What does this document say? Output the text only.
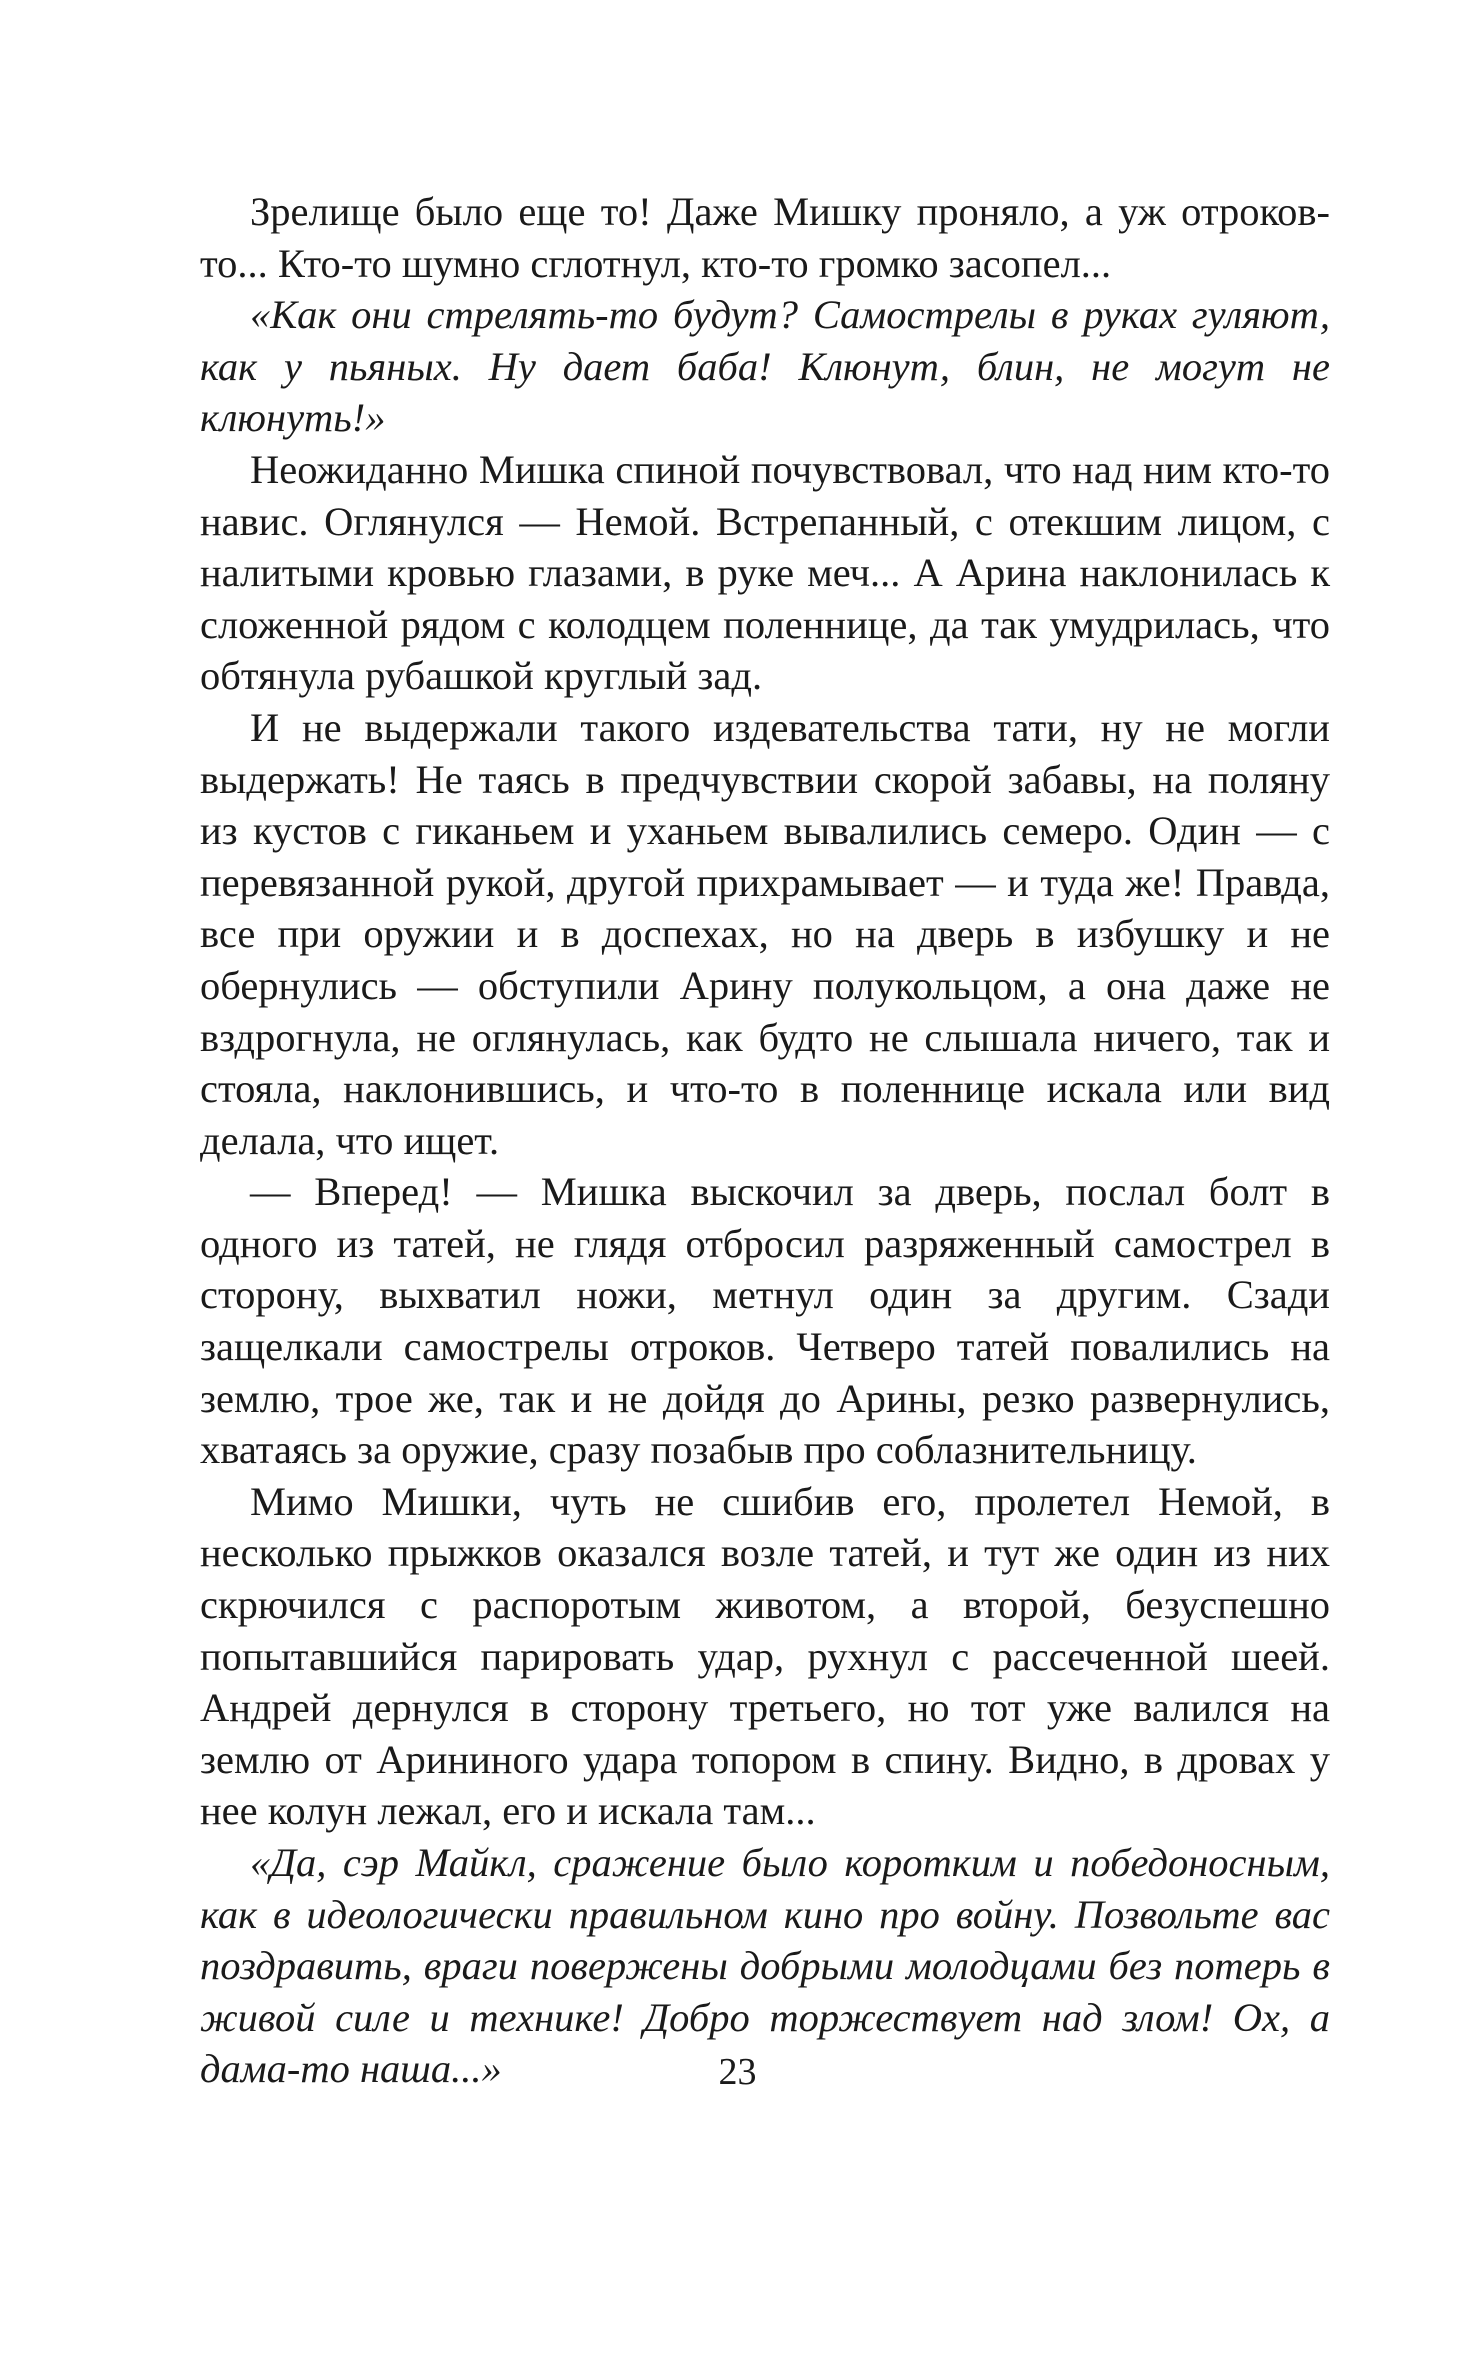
Зрелище было еще то! Даже Мишку проняло, а уж отроков-то... Кто-то шумно сглотнул, кто-то громко засопел...

«Как они стрелять-то будут? Самострелы в руках гуляют, как у пьяных. Ну дает баба! Клюнут, блин, не могут не клюнуть!»

Неожиданно Мишка спиной почувствовал, что над ним кто-то навис. Оглянулся — Немой. Встрепанный, с отекшим лицом, с налитыми кровью глазами, в руке меч... А Арина наклонилась к сложенной рядом с колодцем поленнице, да так умудрилась, что обтянула рубашкой круглый зад.

И не выдержали такого издевательства тати, ну не могли выдержать! Не таясь в предчувствии скорой забавы, на поляну из кустов с гиканьем и уханьем вывалились семеро. Один — с перевязанной рукой, другой прихрамывает — и туда же! Правда, все при оружии и в доспехах, но на дверь в избушку и не обернулись — обступили Арину полукольцом, а она даже не вздрогнула, не оглянулась, как будто не слышала ничего, так и стояла, наклонившись, и что-то в поленнице искала или вид делала, что ищет.

— Вперед! — Мишка выскочил за дверь, послал болт в одного из татей, не глядя отбросил разряженный самострел в сторону, выхватил ножи, метнул один за другим. Сзади защелкали самострелы отроков. Четверо татей повалились на землю, трое же, так и не дойдя до Арины, резко развернулись, хватаясь за оружие, сразу позабыв про соблазнительницу.

Мимо Мишки, чуть не сшибив его, пролетел Немой, в несколько прыжков оказался возле татей, и тут же один из них скрючился с распоротым животом, а второй, безуспешно попытавшийся парировать удар, рухнул с рассеченной шеей. Андрей дернулся в сторону третьего, но тот уже валился на землю от Арининого удара топором в спину. Видно, в дровах у нее колун лежал, его и искала там...

«Да, сэр Майкл, сражение было коротким и победоносным, как в идеологически правильном кино про войну. Позвольте вас поздравить, враги повержены добрыми молодцами без потерь в живой силе и технике! Добро торжествует над злом! Ох, а дама-то наша...»	23
